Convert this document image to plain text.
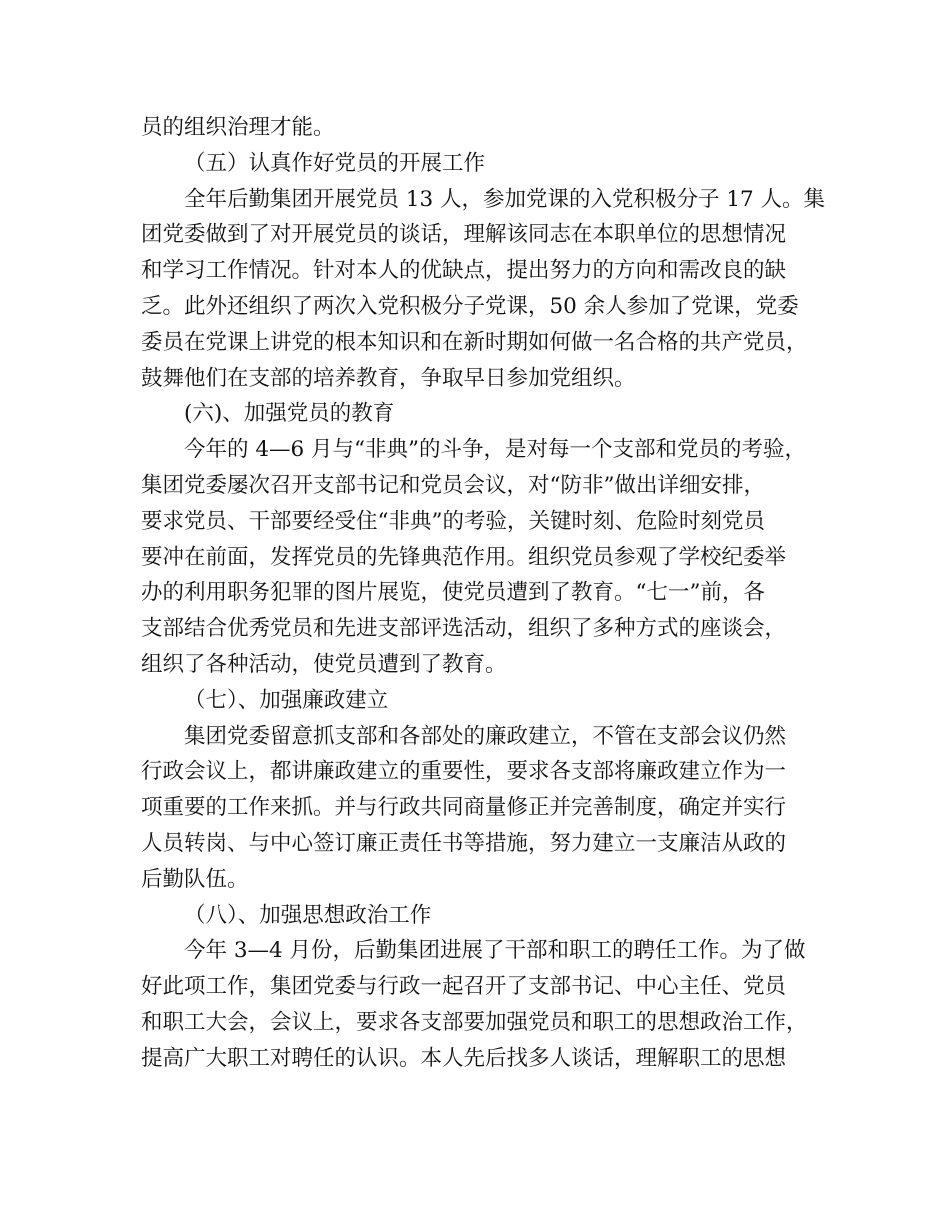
员的组织治理才能。
（五）认真作好党员的开展工作
全年后勤集团开展党员 13 人，参加党课的入党积极分子 17 人。集
团党委做到了对开展党员的谈话，理解该同志在本职单位的思想情况
和学习工作情况。针对本人的优缺点，提出努力的方向和需改良的缺
乏。此外还组织了两次入党积极分子党课，50 余人参加了党课，党委
委员在党课上讲党的根本知识和在新时期如何做一名合格的共产党员，
鼓舞他们在支部的培养教育，争取早日参加党组织。
(六)、加强党员的教育
今年的 4—6 月与“非典”的斗争，是对每一个支部和党员的考验，
集团党委屡次召开支部书记和党员会议，对“防非”做出详细安排，
要求党员、干部要经受住“非典”的考验，关键时刻、危险时刻党员
要冲在前面，发挥党员的先锋典范作用。组织党员参观了学校纪委举
办的利用职务犯罪的图片展览，使党员遭到了教育。“七一”前，各
支部结合优秀党员和先进支部评选活动，组织了多种方式的座谈会，
组织了各种活动，使党员遭到了教育。
（七）、加强廉政建立
集团党委留意抓支部和各部处的廉政建立，不管在支部会议仍然
行政会议上，都讲廉政建立的重要性，要求各支部将廉政建立作为一
项重要的工作来抓。并与行政共同商量修正并完善制度，确定并实行
人员转岗、与中心签订廉正责任书等措施，努力建立一支廉洁从政的
后勤队伍。
（八）、加强思想政治工作
今年 3—4 月份，后勤集团进展了干部和职工的聘任工作。为了做
好此项工作，集团党委与行政一起召开了支部书记、中心主任、党员
和职工大会，会议上，要求各支部要加强党员和职工的思想政治工作，
提高广大职工对聘任的认识。本人先后找多人谈话，理解职工的思想
